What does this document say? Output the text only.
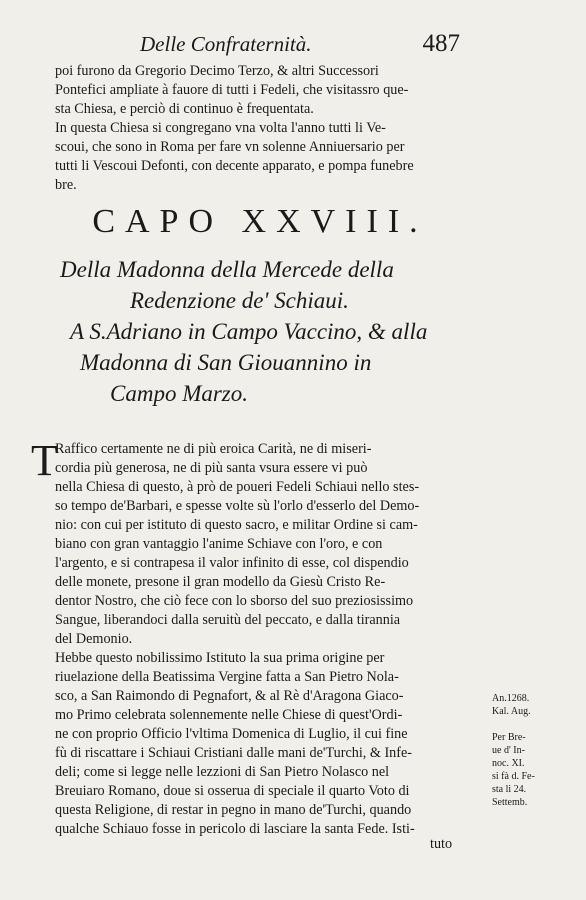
Delle Confraternità.	487
poi furono da Gregorio Decimo Terzo, & altri Successori
Pontefici ampliate à fauore di tutti i Fedeli, che visitassro que-
sta Chiesa, e perciò di continuo è frequentata.
In questa Chiesa si congregano vna volta l'anno tutti li Ve-
scoui, che sono in Roma per fare vn solenne Anniuersario per
tutti li Vescoui Defonti, con decente apparato, e pompa funebre
bre.
CAPO XXVIII.
Della Madonna della Mercede della
Redenzione de' Schiaui.
A S.Adriano in Campo Vaccino, & alla
Madonna di San Giouannino in
Campo Marzo.
T
Raffico certamente ne di più eroica Carità, ne di miseri-
cordia più generosa, ne di più santa vsura essere vi può
nella Chiesa di questo, à prò de poueri Fedeli Schiaui nello stes-
so tempo de'Barbari, e spesse volte sù l'orlo d'esserlo del Demo-
nio: con cui per istituto di questo sacro, e militar Ordine si cam-
biano con gran vantaggio l'anime Schiave con l'oro, e con
l'argento, e si contrapesa il valor infinito di esse, col dispendio
delle monete, presone il gran modello da Giesù Cristo Re-
dentor Nostro, che ciò fece con lo sborso del suo preziosissimo
Sangue, liberandoci dalla seruitù del peccato, e dalla tirannia
del Demonio.
Hebbe questo nobilissimo Istituto la sua prima origine per
riuelazione della Beatissima Vergine fatta a San Pietro Nola-
sco, a San Raimondo di Pegnafort, & al Rè d'Aragona Giaco-
mo Primo celebrata solennemente nelle Chiese di quest'Ordi-
ne con proprio Officio l'vltima Domenica di Luglio, il cui fine
fù di riscattare i Schiaui Cristiani dalle mani de'Turchi, & Infe-
deli; come si legge nelle lezzioni di San Pietro Nolasco nel
Breuiaro Romano, doue si osserua di speciale il quarto Voto di
questa Religione, di restar in pegno in mano de'Turchi, quando
qualche Schiauo fosse in pericolo di lasciare la santa Fede. Isti-
tuto
An.1268.
Kal. Aug.
Per Bre-
ue d' In-
noc. XI.
si fà d. Fe-
sta li 24.
Settemb.
